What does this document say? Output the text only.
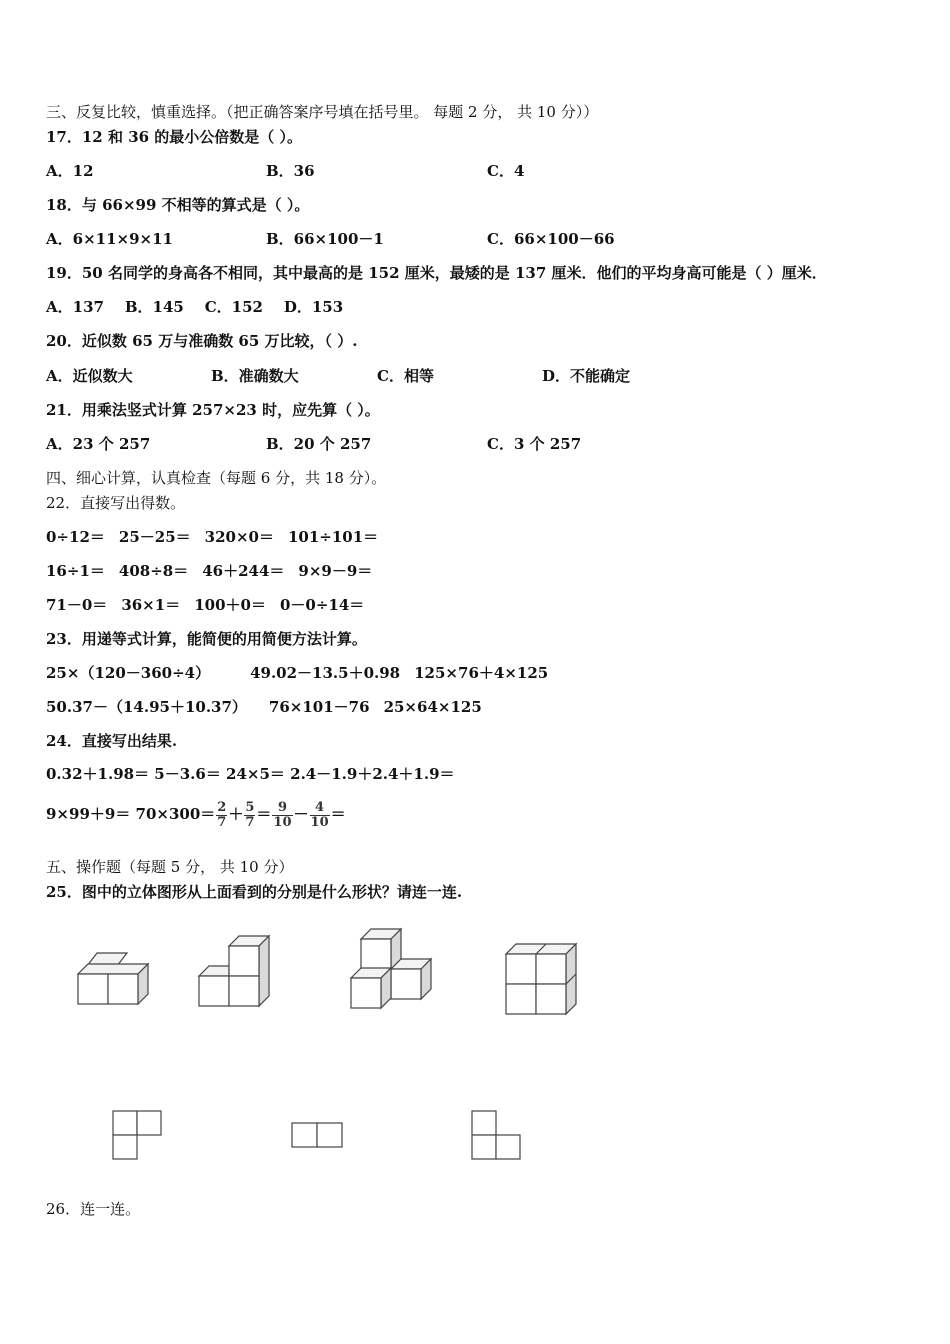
三、反复比较，慎重选择。（把正确答案序号填在括号里。 每题 2 分， 共 10 分））
17．12 和 36 的最小公倍数是（ ）。
A．12	B．36	C．4
18．与 66×99 不相等的算式是（ ）。
A．6×11×9×11	B．66×100－1	C．66×100－66
19．50 名同学的身高各不相同，其中最高的是 152 厘米，最矮的是 137 厘米．他们的平均身高可能是（ ）厘米．
A．137    B．145    C．152    D．153
20．近似数 65 万与准确数 65 万比较，（ ）.
A．近似数大	B．准确数大	C．相等	D．不能确定
21．用乘法竖式计算 257×23 时，应先算（ ）。
A．23 个 257	B．20 个 257	C．3 个 257
四、细心计算，认真检查（每题 6 分，共 18 分）。
22．直接写出得数。
0÷12＝ 25－25＝ 320×0＝ 101÷101＝
16÷1＝ 408÷8＝ 46＋244＝ 9×9－9＝
71－0＝ 36×1＝ 100＋0＝ 0－0÷14＝
23．用递等式计算，能简便的用简便方法计算。
25×（120－360÷4）	49.02－13.5＋0.98 125×76＋4×125
50.37－（14.95＋10.37） 76×101－76 25×64×125
24．直接写出结果.
0.32＋1.98＝ 5－3.6＝ 24×5＝ 2.4－1.9＋2.4＋1.9＝
$9\times 99+9= 70\times 300= \frac{2}{7} + \frac{5}{7} = \frac{9}{10} - \frac{4}{10}$ ＝
五、操作题（每题 5 分， 共 10 分）
25．图中的立体图形从上面看到的分别是什么形状？请连一连.
26．连一连。
